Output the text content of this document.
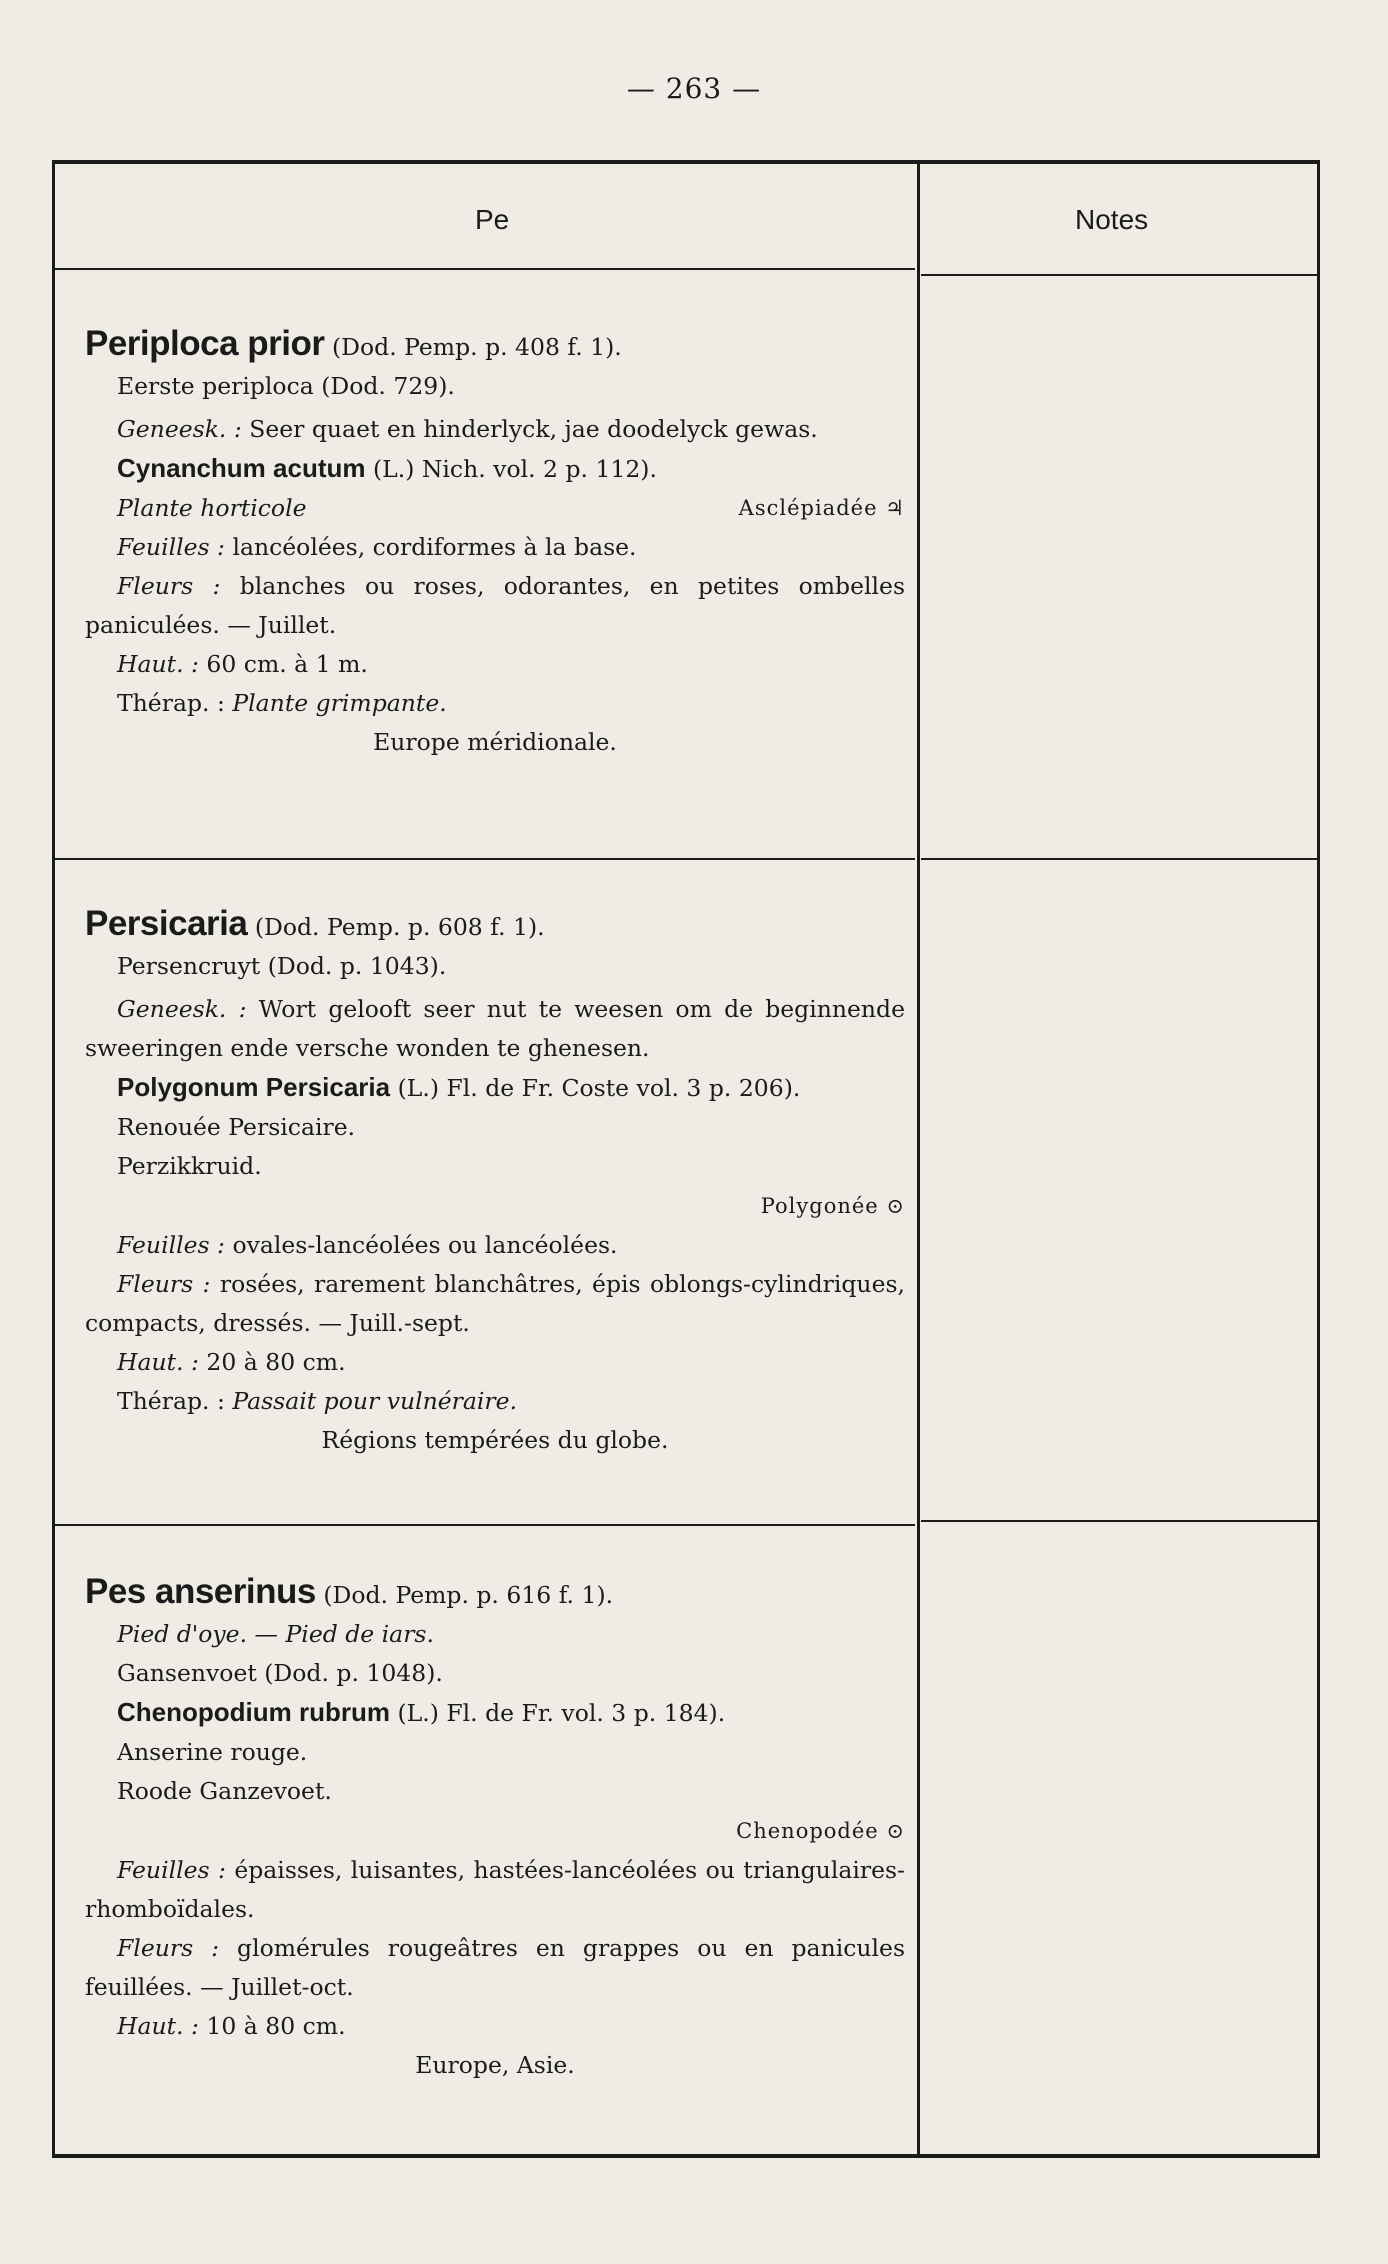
— 263 —
Pe	Notes
Periploca prior (Dod. Pemp. p. 408 f. 1).
Eerste periploca (Dod. 729).
Geneesk. : Seer quaet en hinderlyck, jae doodelyck gewas.
Cynanchum acutum (L.) Nich. vol. 2 p. 112).
Plante horticole	Asclépiadée ♃
Feuilles : lancéolées, cordiformes à la base.
Fleurs : blanches ou roses, odorantes, en petites ombelles paniculées. — Juillet.
Haut. : 60 cm. à 1 m.
Thérap. : Plante grimpante.
Europe méridionale.
Persicaria (Dod. Pemp. p. 608 f. 1).
Persencruyt (Dod. p. 1043).
Geneesk. : Wort gelooft seer nut te weesen om de beginnende sweeringen ende versche wonden te ghenesen.
Polygonum Persicaria (L.) Fl. de Fr. Coste vol. 3 p. 206).
Renouée Persicaire.
Perzikkruid.
Polygonée ⊙
Feuilles : ovales-lancéolées ou lancéolées.
Fleurs : rosées, rarement blanchâtres, épis oblongs-cylindriques, compacts, dressés. — Juill.-sept.
Haut. : 20 à 80 cm.
Thérap. : Passait pour vulnéraire.
Régions tempérées du globe.
Pes anserinus (Dod. Pemp. p. 616 f. 1).
Pied d'oye. — Pied de iars.
Gansenvoet (Dod. p. 1048).
Chenopodium rubrum (L.) Fl. de Fr. vol. 3 p. 184).
Anserine rouge.
Roode Ganzevoet.
Chenopodée ⊙
Feuilles : épaisses, luisantes, hastées-lancéolées ou triangulaires-rhomboïdales.
Fleurs : glomérules rougeâtres en grappes ou en panicules feuillées. — Juillet-oct.
Haut. : 10 à 80 cm.
Europe, Asie.
